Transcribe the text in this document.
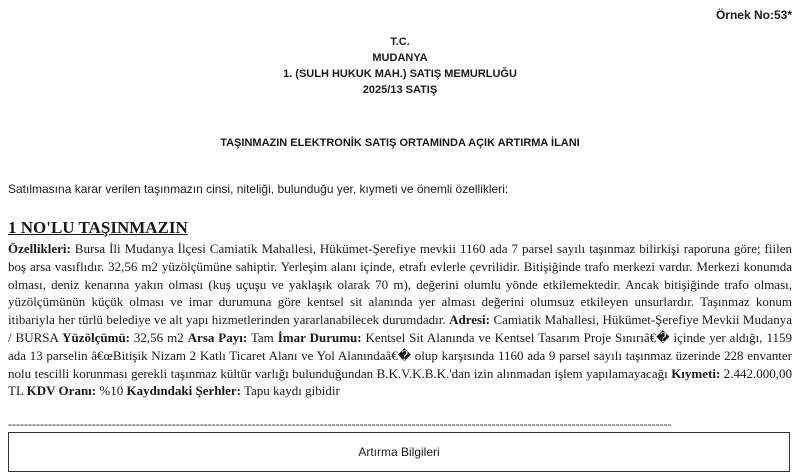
Örnek No:53*
T.C.
MUDANYA
1. (SULH HUKUK MAH.) SATIŞ MEMURLUĞU
2025/13 SATIŞ
TAŞINMAZIN ELEKTRONİK SATIŞ ORTAMINDA AÇIK ARTIRMA İLANI
Satılmasına karar verilen taşınmazın cinsi, niteliği, bulunduğu yer, kıymeti ve önemli özellikleri:
1 NO'LU TAŞINMAZIN

Özellikleri: Bursa İli Mudanya İlçesi Camiatik Mahallesi, Hükümet-Şerefiye mevkii 1160 ada 7 parsel sayılı taşınmaz bilirkişi raporuna göre; fiilen boş arsa vasıflıdır. 32,56 m2 yüzölçümüne sahiptir. Yerleşim alanı içinde, etrafı evlerle çevrilidir. Bitişiğinde trafo merkezi vardır. Merkezi konumda olması, deniz kenarına yakın olması (kuş uçuşu ve yaklaşık olarak 70 m), değerini olumlu yönde etkilemektedir. Ancak bitişiğinde trafo olması, yüzölçümünün küçük olması ve imar durumuna göre kentsel sit alanında yer alması değerini olumsuz etkileyen unsurlardır. Taşınmaz konum itibariyla her türlü belediye ve alt yapı hizmetlerinden yararlanabilecek durumdadır. Adresi: Camiatik Mahallesi, Hükümet-Şerefiye Mevkii Mudanya / BURSA Yüzölçümü: 32,56 m2 Arsa Payı: Tam İmar Durumu: Kentsel Sit Alanında ve Kentsel Tasarım Proje Sınırıâ€� içinde yer aldığı, 1159 ada 13 parselin â€œBitişik Nizam 2 Katlı Ticaret Alanı ve Yol Alanındaâ€� olup karşısında 1160 ada 9 parsel sayılı taşınmaz üzerinde 228 envanter nolu tescilli korunması gerekli taşınmaz kültür varlığı bulunduğundan B.K.V.K.B.K.'dan izin alınmadan işlem yapılamayacağı Kıymeti: 2.442.000,00 TL KDV Oranı: %10 Kaydındaki Şerhler: Tapu kaydı gibidir

----------------------------------------------------------------------------------------------------------------------------------------------------------------------
Artırma Bilgileri
